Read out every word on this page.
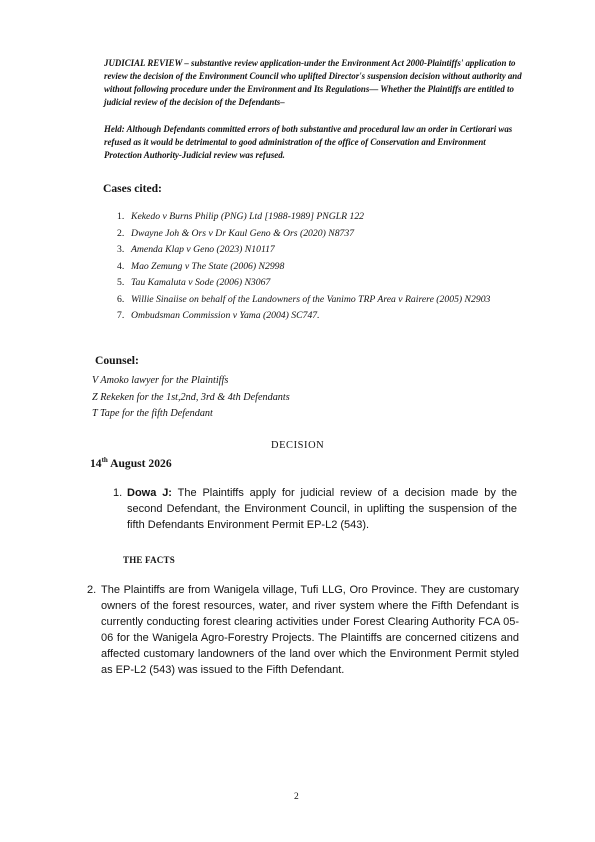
JUDICIAL REVIEW – substantive review application-under the Environment Act 2000-Plaintiffs' application to review the decision of the Environment Council who uplifted Director's suspension decision without authority and without following procedure under the Environment and Its Regulations— Whether the Plaintiffs are entitled to judicial review of the decision of the Defendants–

Held: Although Defendants committed errors of both substantive and procedural law an order in Certiorari was refused as it would be detrimental to good administration of the office of Conservation and Environment Protection Authority-Judicial review was refused.

Cases cited:
1. Kekedo v Burns Philip (PNG) Ltd [1988-1989] PNGLR 122
2. Dwayne Joh & Ors v Dr Kaul Geno & Ors (2020) N8737
3. Amenda Klap v Geno (2023) N10117
4. Mao Zemung v The State (2006) N2998
5. Tau Kamaluta v Sode (2006) N3067
6. Willie Sinaiise on behalf of the Landowners of the Vanimo TRP Area v Rairere (2005) N2903
7. Ombudsman Commission v Yama (2004) SC747.
Counsel:
V Amoko lawyer for the Plaintiffs
Z Rekeken for the 1st,2nd, 3rd & 4th Defendants
T Tape for the fifth Defendant
DECISION
14th August 2026
1. Dowa J: The Plaintiffs apply for judicial review of a decision made by the second Defendant, the Environment Council, in uplifting the suspension of the fifth Defendants Environment Permit EP-L2 (543).
THE FACTS
2. The Plaintiffs are from Wanigela village, Tufi LLG, Oro Province. They are customary owners of the forest resources, water, and river system where the Fifth Defendant is currently conducting forest clearing activities under Forest Clearing Authority FCA 05-06 for the Wanigela Agro-Forestry Projects. The Plaintiffs are concerned citizens and affected customary landowners of the land over which the Environment Permit styled as EP-L2 (543) was issued to the Fifth Defendant.
2
